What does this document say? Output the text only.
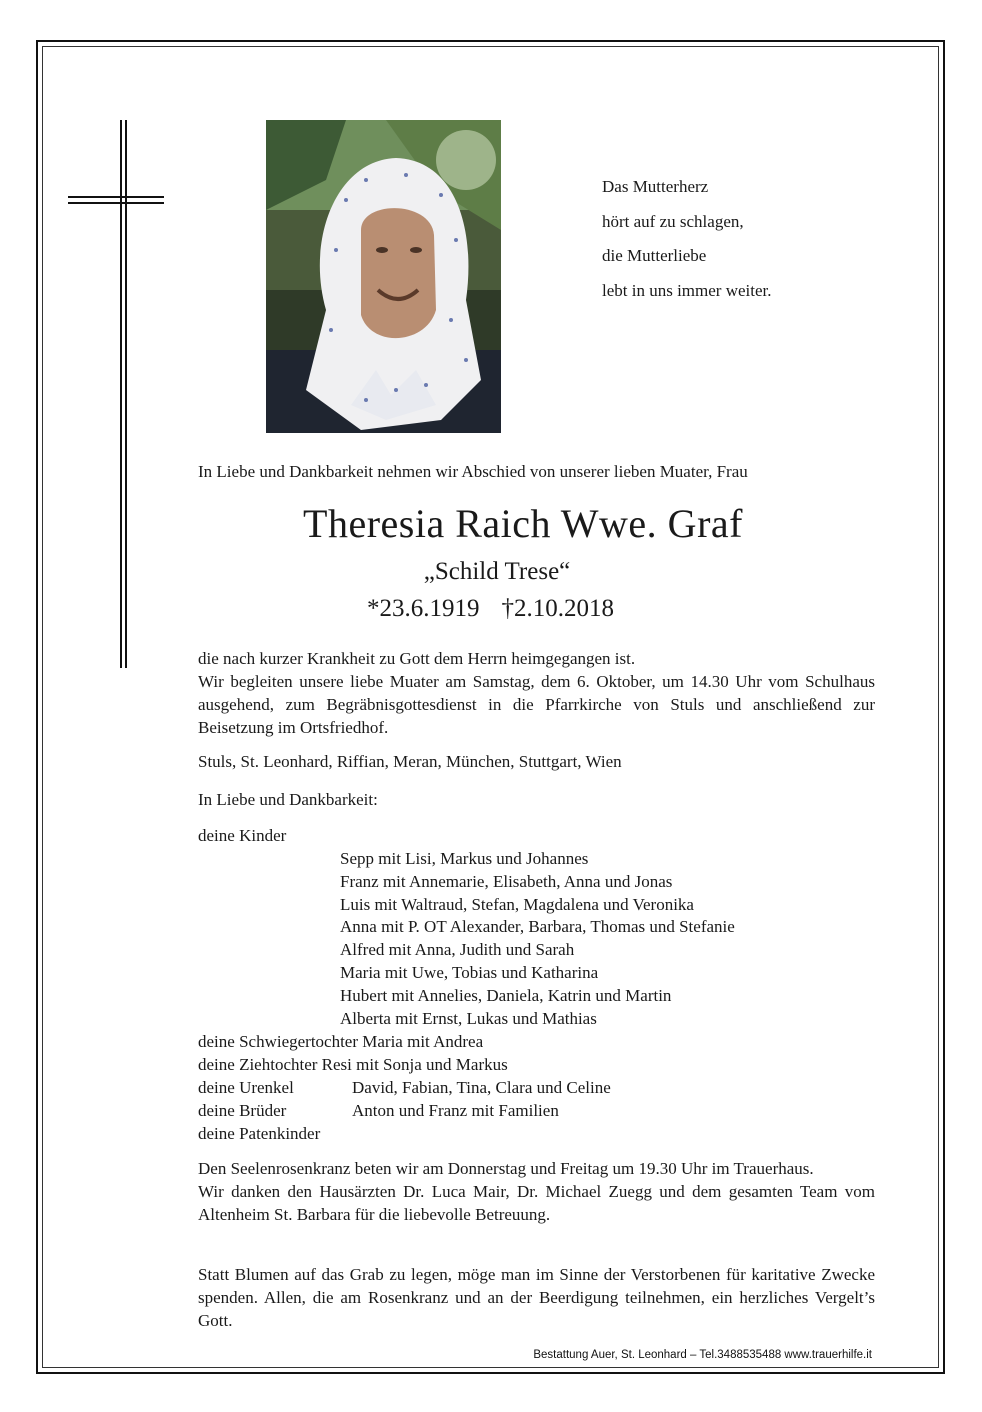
Das Mutterherz
hört auf zu schlagen,
die Mutterliebe
lebt in uns immer weiter.
In Liebe und Dankbarkeit nehmen wir Abschied von unserer lieben Muater, Frau
Theresia Raich Wwe. Graf
„Schild Trese“
*23.6.1919 †2.10.2018

die nach kurzer Krankheit zu Gott dem Herrn heimgegangen ist.

Wir begleiten unsere liebe Muater am Samstag, dem 6. Oktober, um 14.30 Uhr vom Schulhaus ausgehend, zum Begräbnisgottesdienst in die Pfarrkirche von Stuls und anschließend zur Beisetzung im Ortsfriedhof.

Stuls, St. Leonhard, Riffian, Meran, München, Stuttgart, Wien
In Liebe und Dankbarkeit:
deine Kinder
Sepp mit Lisi, Markus und Johannes
Franz mit Annemarie, Elisabeth, Anna und Jonas
Luis mit Waltraud, Stefan, Magdalena und Veronika
Anna mit P. OT Alexander, Barbara, Thomas und Stefanie
Alfred mit Anna, Judith und Sarah
Maria mit Uwe, Tobias und Katharina
Hubert mit Annelies, Daniela, Katrin und Martin
Alberta mit Ernst, Lukas und Mathias
deine Schwiegertochter Maria mit Andrea
deine Ziehtochter Resi mit Sonja und Markus
deine Urenkel	David, Fabian, Tina, Clara und Celine
deine Brüder	Anton und Franz mit Familien
deine Patenkinder

Den Seelenrosenkranz beten wir am Donnerstag und Freitag um 19.30 Uhr im Trauerhaus.

Wir danken den Hausärzten Dr. Luca Mair, Dr. Michael Zuegg und dem gesamten Team vom Altenheim St. Barbara für die liebevolle Betreuung.

Statt Blumen auf das Grab zu legen, möge man im Sinne der Verstorbenen für karitative Zwecke spenden. Allen, die am Rosenkranz und an der Beerdigung teilnehmen, ein herzliches Vergelt’s Gott.

Bestattung Auer, St. Leonhard – Tel.3488535488 www.trauerhilfe.it
